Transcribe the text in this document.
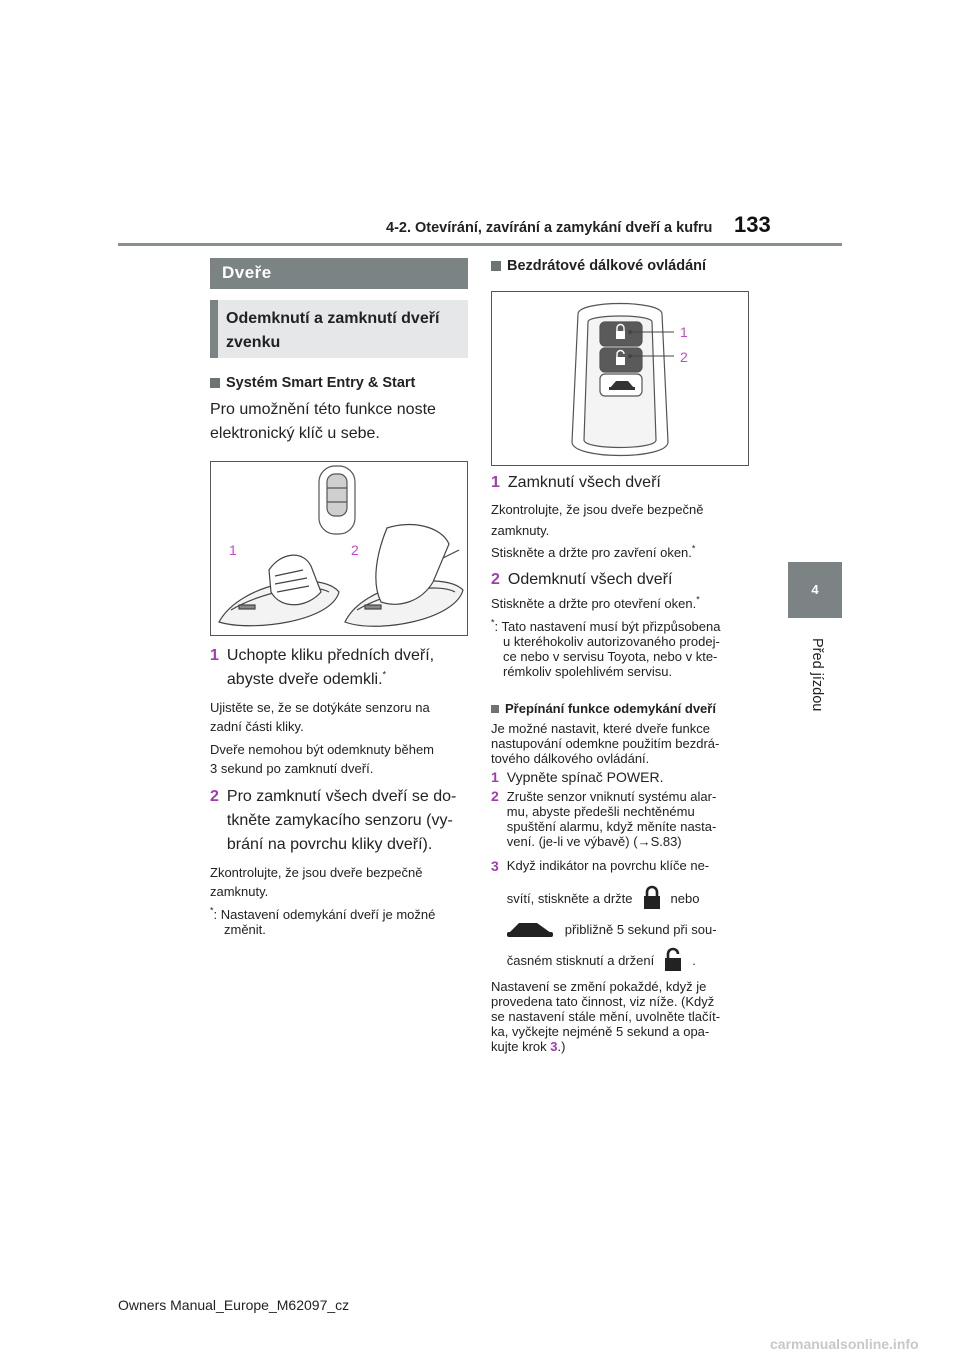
4-2. Otevírání, zavírání a zamykání dveří a kufru 133
4
Před jízdou
Dveře
Odemknutí a zamknutí dveří
zvenku
Systém Smart Entry & Start
Pro umožnění této funkce noste
elektronický klíč u sebe.
1	2
1 Uchopte kliku předních dveří,
abyste dveře odemkli.*
Ujistěte se, že se dotýkáte senzoru na
zadní části kliky.
Dveře nemohou být odemknuty během
3 sekund po zamknutí dveří.
2 Pro zamknutí všech dveří se do-
tkněte zamykacího senzoru (vy-
brání na povrchu kliky dveří).
Zkontrolujte, že jsou dveře bezpečně
zamknuty.
*: Nastavení odemykání dveří je možné
změnit.
Bezdrátové dálkové ovládání
1
2
1 Zamknutí všech dveří
Zkontrolujte, že jsou dveře bezpečně
zamknuty.
Stiskněte a držte pro zavření oken.*
2 Odemknutí všech dveří
Stiskněte a držte pro otevření oken.*
*: Tato nastavení musí být přizpůsobena
u kteréhokoliv autorizovaného prodej-
ce nebo v servisu Toyota, nebo v kte-
rémkoliv spolehlivém servisu.
Přepínání funkce odemykání dveří
Je možné nastavit, které dveře funkce
nastupování odemkne použitím bezdrá-
tového dálkového ovládání.
1 Vypněte spínač POWER.
2 Zrušte senzor vniknutí systému alar-
mu, abyste předešli nechtěnému
spuštění alarmu, když měníte nasta-
vení. (je-li ve výbavě) (→S.83)
3 Když indikátor na povrchu klíče ne-
svítí, stiskněte a držte	nebo
přibližně 5 sekund při sou-
časném stisknutí a držení	.
Nastavení se změní pokaždé, když je
provedena tato činnost, viz níže. (Když
se nastavení stále mění, uvolněte tlačít-
ka, vyčkejte nejméně 5 sekund a opa-
kujte krok 3.)
Owners Manual_Europe_M62097_cz
carmanualsonline.info
